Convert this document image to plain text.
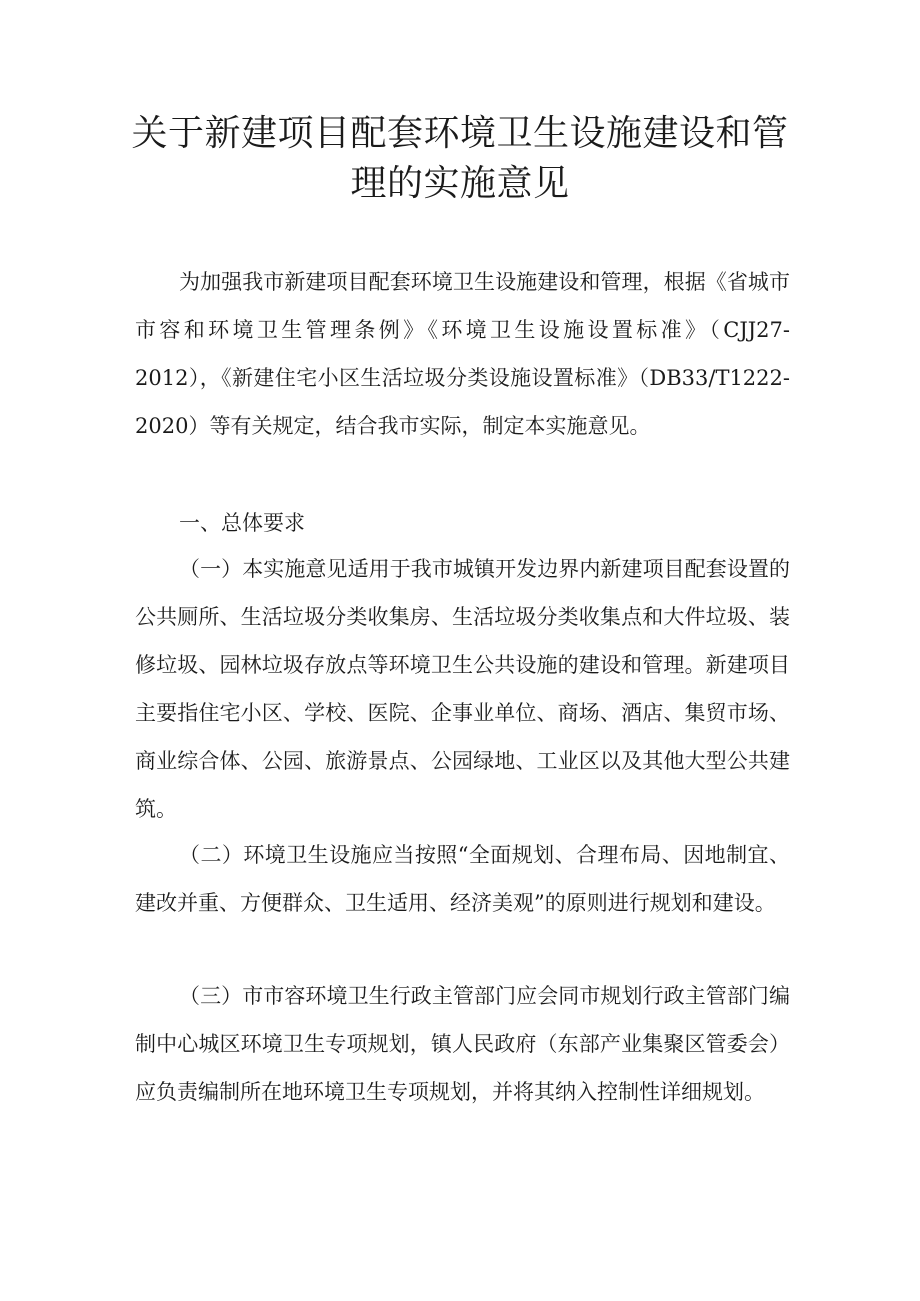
关于新建项目配套环境卫生设施建设和管
理的实施意见

为加强我市新建项目配套环境卫生设施建设和管理，根据《省城市市容和环境卫生管理条例》《环境卫生设施设置标准》（CJJ27-2012），《新建住宅小区生活垃圾分类设施设置标准》（DB33/T1222-2020）等有关规定，结合我市实际，制定本实施意见。

一、总体要求

（一）本实施意见适用于我市城镇开发边界内新建项目配套设置的公共厕所、生活垃圾分类收集房、生活垃圾分类收集点和大件垃圾、装修垃圾、园林垃圾存放点等环境卫生公共设施的建设和管理。新建项目主要指住宅小区、学校、医院、企事业单位、商场、酒店、集贸市场、商业综合体、公园、旅游景点、公园绿地、工业区以及其他大型公共建筑。

（二）环境卫生设施应当按照“全面规划、合理布局、因地制宜、建改并重、方便群众、卫生适用、经济美观”的原则进行规划和建设。

（三）市市容环境卫生行政主管部门应会同市规划行政主管部门编制中心城区环境卫生专项规划，镇人民政府（东部产业集聚区管委会）应负责编制所在地环境卫生专项规划，并将其纳入控制性详细规划。
